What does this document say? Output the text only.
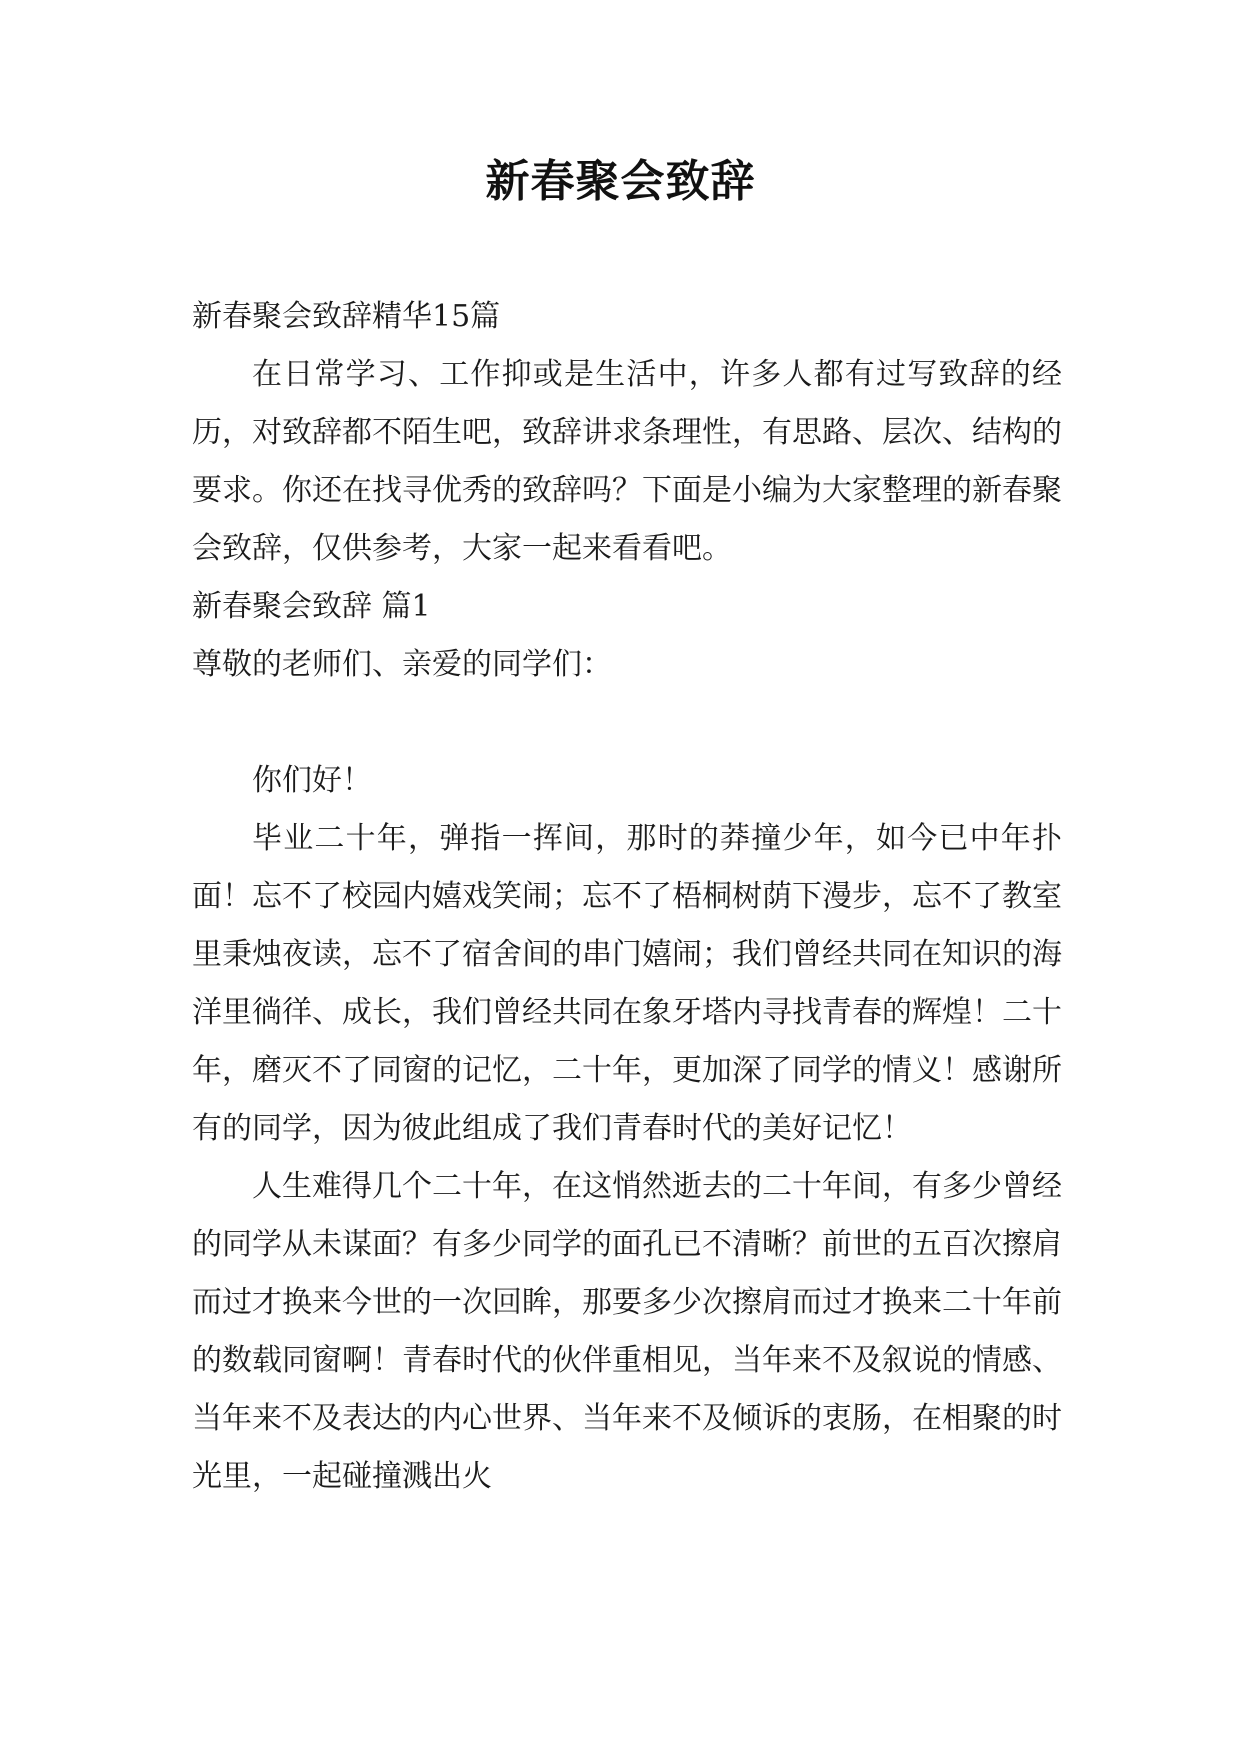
新春聚会致辞

新春聚会致辞精华15篇

在日常学习、工作抑或是生活中，许多人都有过写致辞的经历，对致辞都不陌生吧，致辞讲求条理性，有思路、层次、结构的要求。你还在找寻优秀的致辞吗？下面是小编为大家整理的新春聚会致辞，仅供参考，大家一起来看看吧。

新春聚会致辞 篇1

尊敬的老师们、亲爱的同学们：

你们好！

毕业二十年，弹指一挥间，那时的莽撞少年，如今已中年扑面！忘不了校园内嬉戏笑闹；忘不了梧桐树荫下漫步，忘不了教室里秉烛夜读，忘不了宿舍间的串门嬉闹；我们曾经共同在知识的海洋里徜徉、成长，我们曾经共同在象牙塔内寻找青春的辉煌！二十年，磨灭不了同窗的记忆，二十年，更加深了同学的情义！感谢所有的同学，因为彼此组成了我们青春时代的美好记忆！

人生难得几个二十年，在这悄然逝去的二十年间，有多少曾经的同学从未谋面？有多少同学的面孔已不清晰？前世的五百次擦肩而过才换来今世的一次回眸，那要多少次擦肩而过才换来二十年前的数载同窗啊！青春时代的伙伴重相见，当年来不及叙说的情感、当年来不及表达的内心世界、当年来不及倾诉的衷肠，在相聚的时光里，一起碰撞溅出火
